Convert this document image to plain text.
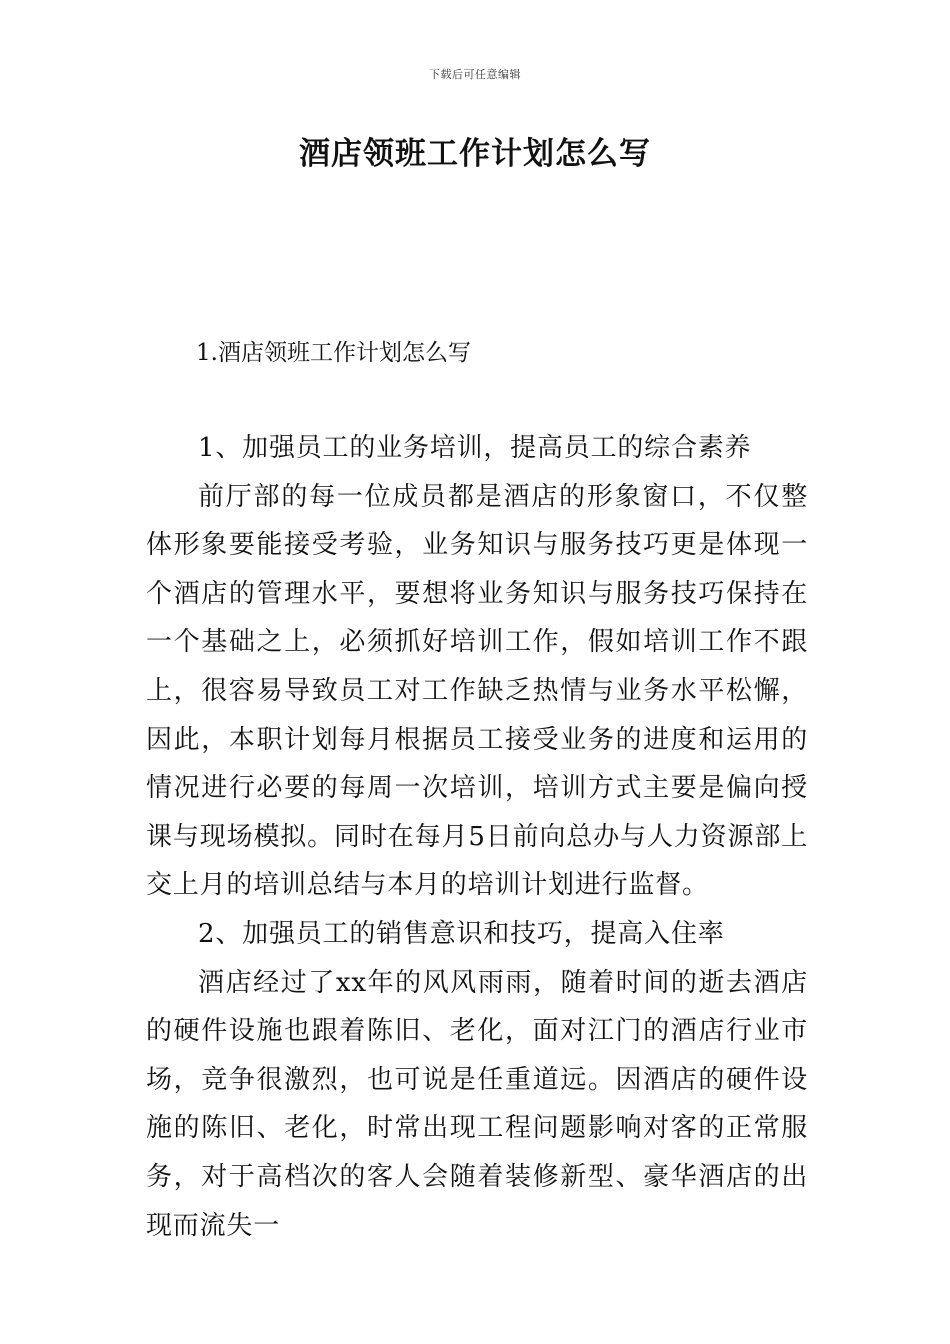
下载后可任意编辑
酒店领班工作计划怎么写
1.酒店领班工作计划怎么写

1、加强员工的业务培训，提高员工的综合素养

前厅部的每一位成员都是酒店的形象窗口，不仅整体形象要能接受考验，业务知识与服务技巧更是体现一个酒店的管理水平，要想将业务知识与服务技巧保持在一个基础之上，必须抓好培训工作，假如培训工作不跟上，很容易导致员工对工作缺乏热情与业务水平松懈，因此，本职计划每月根据员工接受业务的进度和运用的情况进行必要的每周一次培训，培训方式主要是偏向授课与现场模拟。同时在每月5日前向总办与人力资源部上交上月的培训总结与本月的培训计划进行监督。

2、加强员工的销售意识和技巧，提高入住率

酒店经过了xx年的风风雨雨，随着时间的逝去酒店的硬件设施也跟着陈旧、老化，面对江门的酒店行业市场，竞争很激烈，也可说是任重道远。因酒店的硬件设施的陈旧、老化，时常出现工程问题影响对客的正常服务，对于高档次的客人会随着装修新型、豪华酒店的出现而流失一
